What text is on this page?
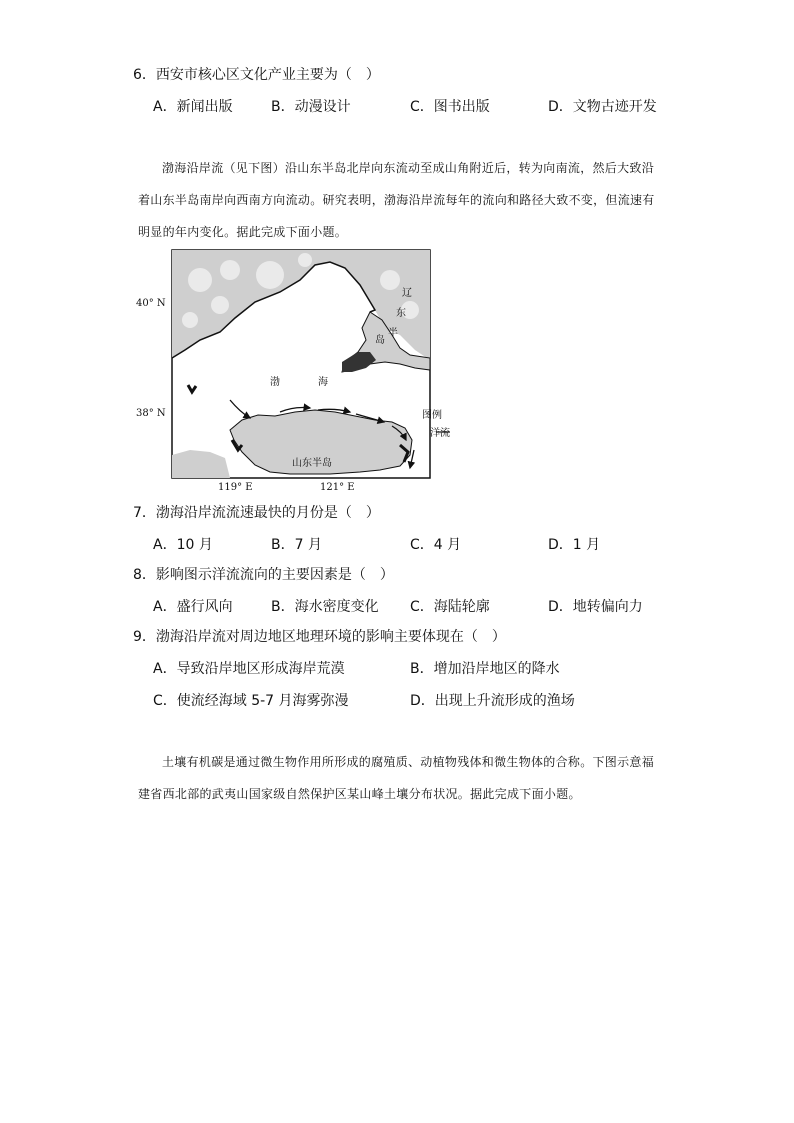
6．西安市核心区文化产业主要为（　）
A．新闻出版	B．动漫设计	C．图书出版	D．文物古迹开发
渤海沿岸流（见下图）沿山东半岛北岸向东流动至成山角附近后，转为向南流，然后大致沿着山东半岛南岸向西南方向流动。研究表明，渤海沿岸流每年的流向和路径大致不变，但流速有明显的年内变化。据此完成下面小题。
40° N
38° N
119° E	121° E
渤	海
辽
东
半
岛
山东半岛
图例
洋流
7．渤海沿岸流流速最快的月份是（　）
A．10 月	B．7 月	C．4 月	D．1 月
8．影响图示洋流流向的主要因素是（　）
A．盛行风向	B．海水密度变化 C．海陆轮廓	D．地转偏向力
9．渤海沿岸流对周边地区地理环境的影响主要体现在（　）
A．导致沿岸地区形成海岸荒漠	B．增加沿岸地区的降水
C．使流经海域 5-7 月海雾弥漫	D．出现上升流形成的渔场
土壤有机碳是通过微生物作用所形成的腐殖质、动植物残体和微生物体的合称。下图示意福建省西北部的武夷山国家级自然保护区某山峰土壤分布状况。据此完成下面小题。
